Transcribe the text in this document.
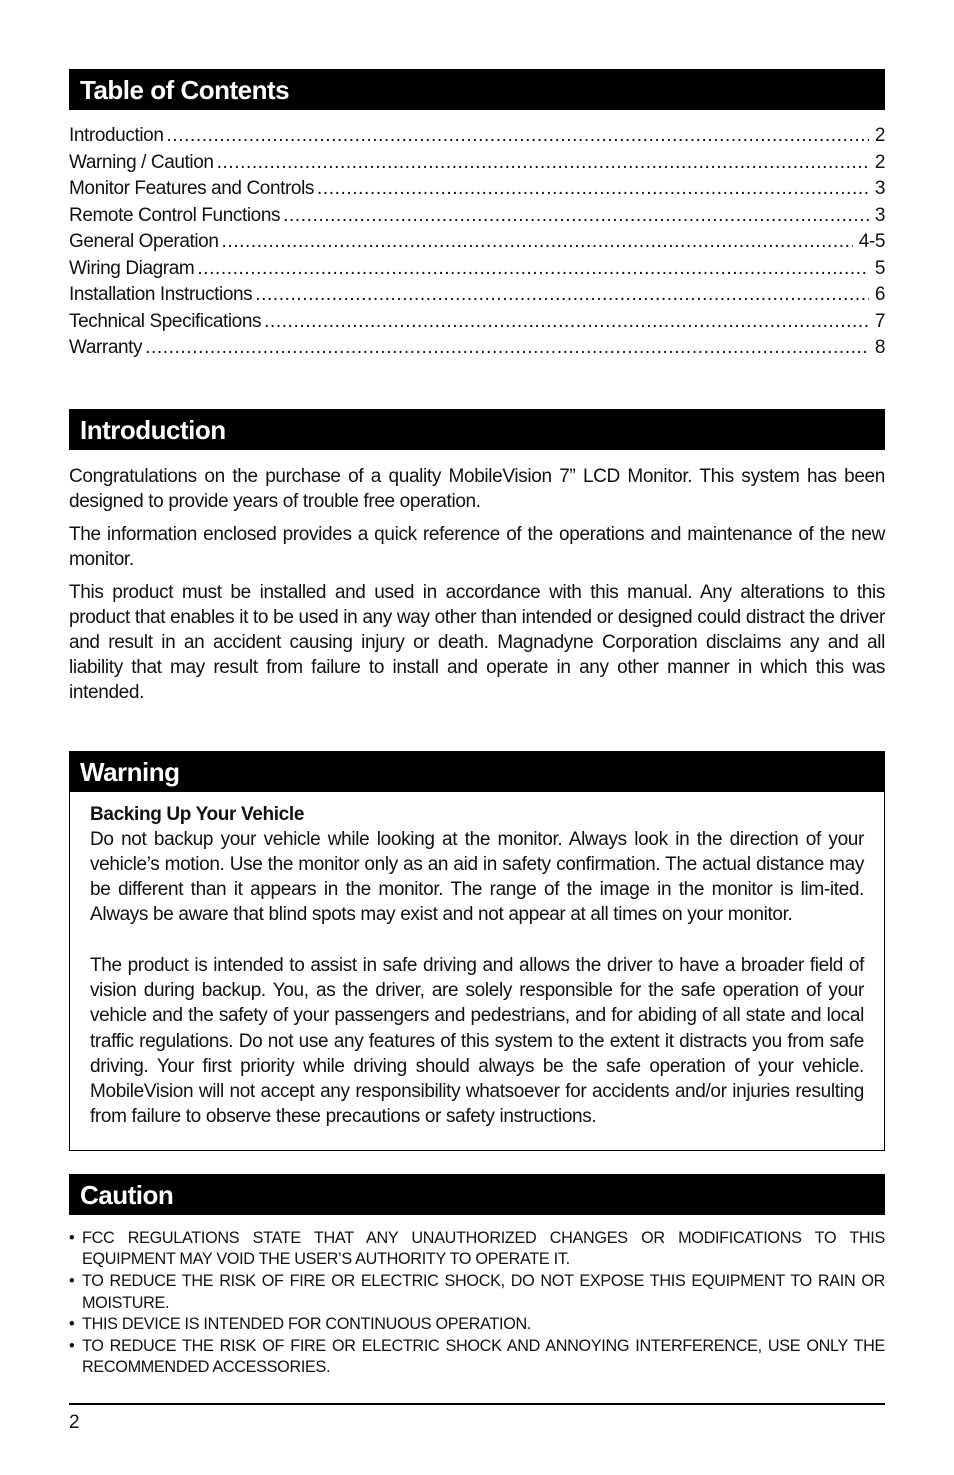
Table of Contents
Introduction .....	2
Warning / Caution .....	2
Monitor Features and Controls .....	3
Remote Control Functions .....	3
General Operation .....	4-5
Wiring Diagram .....	5
Installation Instructions .....	6
Technical Specifications .....	7
Warranty .....	8
Introduction

Congratulations on the purchase of a quality MobileVision 7” LCD Monitor. This system has been designed to provide years of trouble free operation.

The information enclosed provides a quick reference of the operations and maintenance of the new monitor.

This product must be installed and used in accordance with this manual. Any alterations to this product that enables it to be used in any way other than intended or designed could distract the driver and result in an accident causing injury or death. Magnadyne Corporation disclaims any and all liability that may result from failure to install and operate in any other manner in which this was intended.

Warning
Backing Up Your Vehicle

Do not backup your vehicle while looking at the monitor. Always look in the direction of your vehicle’s motion. Use the monitor only as an aid in safety confirmation. The actual distance may be different than it appears in the monitor. The range of the image in the monitor is lim-ited. Always be aware that blind spots may exist and not appear at all times on your monitor.

The product is intended to assist in safe driving and allows the driver to have a broader field of vision during backup. You, as the driver, are solely responsible for the safe operation of your vehicle and the safety of your passengers and pedestrians, and for abiding of all state and local traffic regulations. Do not use any features of this system to the extent it distracts you from safe driving. Your first priority while driving should always be the safe operation of your vehicle. MobileVision will not accept any responsibility whatsoever for accidents and/or injuries resulting from failure to observe these precautions or safety instructions.

Caution
• FCC REGULATIONS STATE THAT ANY UNAUTHORIZED CHANGES OR MODIFICATIONS TO THIS EQUIPMENT MAY VOID THE USER’S AUTHORITY TO OPERATE IT.
• TO REDUCE THE RISK OF FIRE OR ELECTRIC SHOCK, DO NOT EXPOSE THIS EQUIPMENT TO RAIN OR MOISTURE.
• THIS DEVICE IS INTENDED FOR CONTINUOUS OPERATION.
• TO REDUCE THE RISK OF FIRE OR ELECTRIC SHOCK AND ANNOYING INTERFERENCE, USE ONLY THE RECOMMENDED ACCESSORIES.
2
